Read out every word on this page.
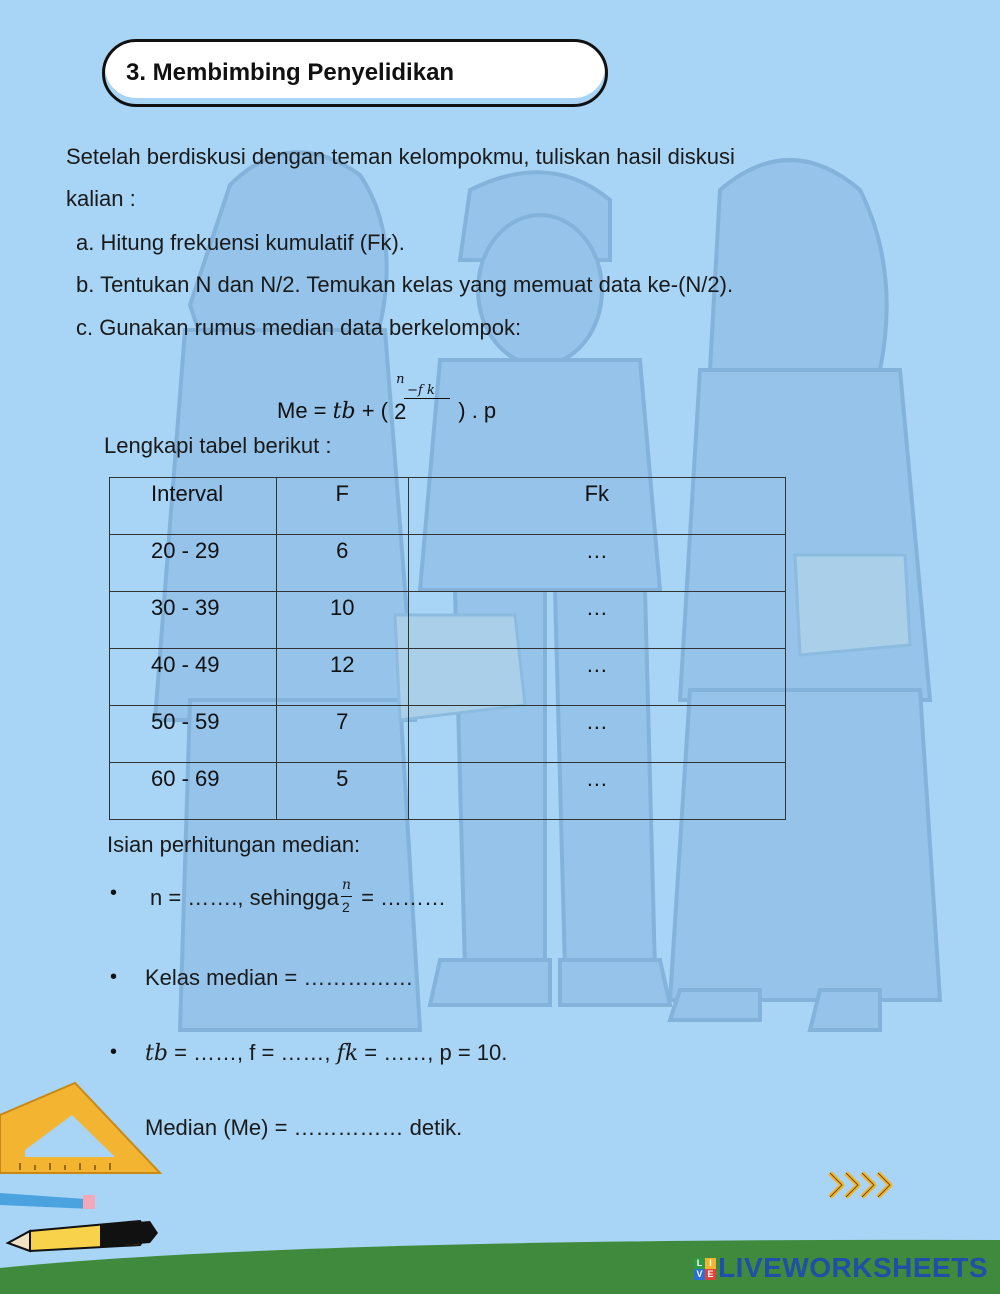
3. Membimbing Penyelidikan
Setelah berdiskusi dengan teman kelompokmu, tuliskan hasil diskusi
kalian :
a. Hitung frekuensi kumulatif (Fk).
b. Tentukan N dan N/2. Temukan kelas yang memuat data ke-(N/2).
c. Gunakan rumus median data berkelompok:
Me = tb + (
n
−f k
2 ) . p
Lengkapi tabel berikut :
Interval	F	Fk
20 - 29	6	…
30 - 39	10	…
40 - 49	12	…
50 - 59	7	…
60 - 69	5	…
Isian perhitungan median:
• n = ……., sehingga $\frac{n}{2}$ = ………
• Kelas median = ……………
• tb = ……, f = ……, fk = ……, p = 10.
Median (Me) = …………… detik.
L I
V E LIVEWORKSHEETS
